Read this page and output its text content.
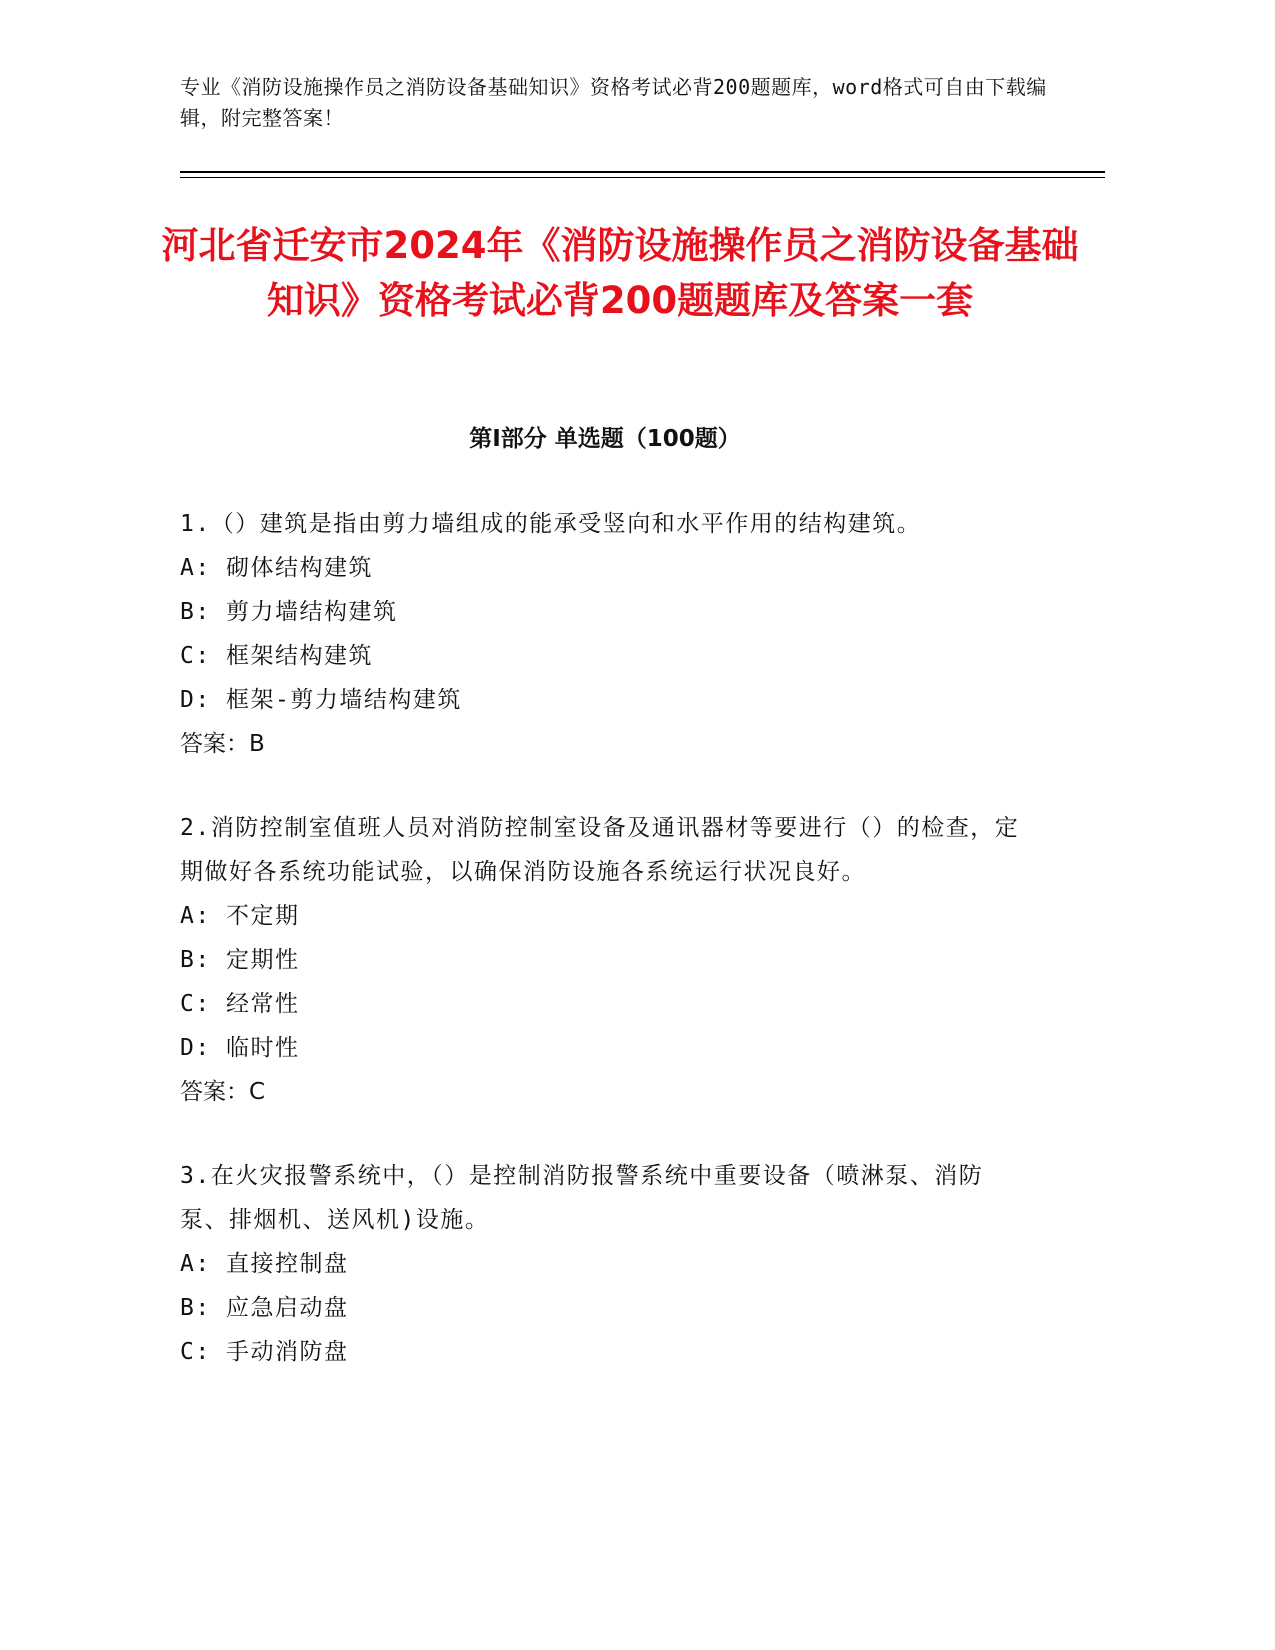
专业《消防设施操作员之消防设备基础知识》资格考试必背200题题库，word格式可自由下载编辑，附完整答案！
河北省迁安市2024年《消防设施操作员之消防设备基础知识》资格考试必背200题题库及答案一套
第Ⅰ部分 单选题（100题）
1.（）建筑是指由剪力墙组成的能承受竖向和水平作用的结构建筑。
A: 砌体结构建筑
B: 剪力墙结构建筑
C: 框架结构建筑
D: 框架-剪力墙结构建筑
答案：B
2.消防控制室值班人员对消防控制室设备及通讯器材等要进行（）的检查，定期做好各系统功能试验，以确保消防设施各系统运行状况良好。
A: 不定期
B: 定期性
C: 经常性
D: 临时性
答案：C
3.在火灾报警系统中，（）是控制消防报警系统中重要设备（喷淋泵、消防泵、排烟机、送风机)设施。
A: 直接控制盘
B: 应急启动盘
C: 手动消防盘
